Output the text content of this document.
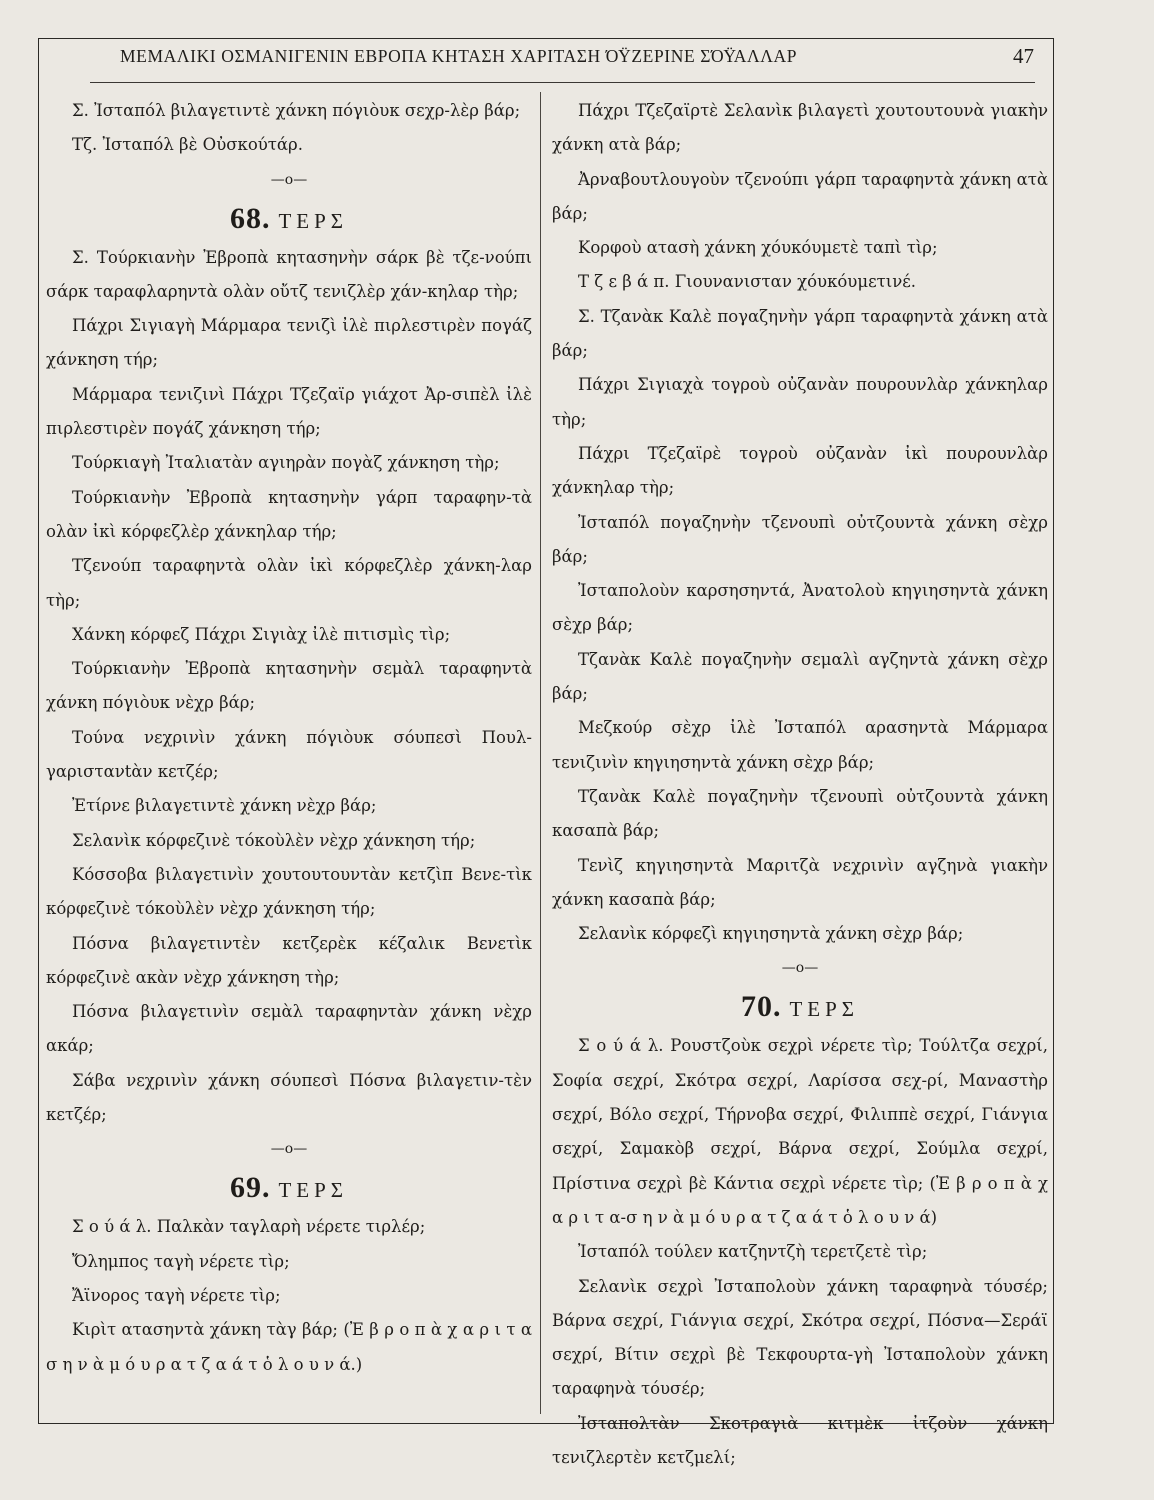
ΜΕΜΑΛΙΚΙ ΟΣΜΑΝΙΓΕΝΙΝ ΕΒΡΟΠΑ ΚΗΤΑΣΗ ΧΑΡΙΤΑΣΗ ΌΫΖΕΡΙΝΕ ΣΌΫΑΛΛΑΡ	47

Σ. Ἰσταπόλ βιλαγετιντὲ χάνκη πόγιὸυκ σεχρ-λὲρ βάρ;

Τζ. Ἰσταπόλ βὲ Οὐσκούτάρ.

—ο—

68. ΤΕΡΣ

Σ. Τούρκιανὴν Ἐβροπὰ κητασηνὴν σάρκ βὲ τζε-νούπι σάρκ ταραφλαρηντὰ ολὰν οὔτζ τενιζλὲρ χάν-κηλαρ τὴρ;

Πάχρι Σιγιαγὴ Μάρμαρα τενιζὶ ἰλὲ πιρλεστιρὲν πογάζ χάνκηση τήρ;

Μάρμαρα τενιζινὶ Πάχρι Τζεζαϊρ γιάχοτ Ἀρ-σιπὲλ ἰλὲ πιρλεστιρὲν πογάζ χάνκηση τήρ;

Τούρκιαγὴ Ἰταλιατὰν αγιηρὰν πογὰζ χάνκηση τὴρ;

Τούρκιανὴν Ἐβροπὰ κητασηνὴν γάρπ ταραφην-τὰ ολὰν ἰκὶ κόρφεζλὲρ χάνκηλαρ τήρ;

Τζενούπ ταραφηντὰ ολὰν ἰκὶ κόρφεζλὲρ χάνκη-λαρ τὴρ;

Χάνκη κόρφεζ Πάχρι Σιγιὰχ ἰλὲ πιτισμὶς τὶρ;

Τούρκιανὴν Ἐβροπὰ κητασηνὴν σεμὰλ ταραφηντὰ χάνκη πόγιὸυκ νὲχρ βάρ;

Τούνα νεχρινὶν χάνκη πόγιὸυκ σόυπεσὶ Πουλ-γαριστανtὰν κετζέρ;

Ἐτίρνε βιλαγετιντὲ χάνκη νὲχρ βάρ;

Σελανὶκ κόρφεζινὲ τόκοὺλὲν νὲχρ χάνκηση τήρ;

Κόσσοβα βιλαγετινὶν χουτουτουντὰν κετζὶπ Βενε-τὶκ κόρφεζινὲ τόκοὺλὲν νὲχρ χάνκηση τήρ;

Πόσνα βιλαγετιντὲν κετζερὲκ κέζαλικ Βενετὶκ κόρφεζινὲ ακὰν νὲχρ χάνκηση τὴρ;

Πόσνα βιλαγετινὶν σεμὰλ ταραφηντὰν χάνκη νὲχρ ακάρ;

Σάβα νεχρινὶν χάνκη σόυπεσὶ Πόσνα βιλαγετιν-τὲν κετζέρ;

—ο—

69. ΤΕΡΣ

Σ ο ύ ά λ. Παλκὰν ταγλαρὴ νέρετε τιρλέρ;

Ὄλημπος ταγὴ νέρετε τὶρ;

Ἄϊνορος ταγὴ νέρετε τὶρ;

Κιρὶτ ατασηντὰ χάνκη τὰγ βάρ; (Ἐ β ρ ο π ὰ χ α ρ ι τ α σ η ν ὰ μ ό υ ρ α τ ζ α ά τ ὁ λ ο υ ν ά.)

Πάχρι Τζεζαϊρτὲ Σελανὶκ βιλαγετὶ χουτουτουνὰ γιακὴν χάνκη ατὰ βάρ;

Ἀρναβουτλουγοὺν τζενούπι γάρπ ταραφηντὰ χάνκη ατὰ βάρ;

Κορφοὺ ατασὴ χάνκη χόυκόυμετὲ ταπὶ τὶρ;

Τ ζ ε β ά π. Γιουνανισταν χόυκόυμετινέ.

Σ. Τζανὰκ Καλὲ πογαζηνὴν γάρπ ταραφηντὰ χάνκη ατὰ βάρ;

Πάχρι Σιγιαχὰ τογροὺ οὐζανὰν πουρουνλὰρ χάνκηλαρ τὴρ;

Πάχρι Τζεζαϊρὲ τογροὺ οὐζανὰν ἰκὶ πουρουνλὰρ χάνκηλαρ τὴρ;

Ἰσταπόλ πογαζηνὴν τζενουπὶ οὐτζουντὰ χάνκη σὲχρ βάρ;

Ἰσταπολοὺν καρσησηντά, Ἀνατολοὺ κηγιησηντὰ χάνκη σὲχρ βάρ;

Τζανὰκ Καλὲ πογαζηνὴν σεμαλὶ αγζηντὰ χάνκη σὲχρ βάρ;

Μεζκούρ σὲχρ ἰλὲ Ἰσταπόλ αρασηντὰ Μάρμαρα τενιζινὶν κηγιησηντὰ χάνκη σὲχρ βάρ;

Τζανὰκ Καλὲ πογαζηνὴν τζενουπὶ οὐτζουντὰ χάνκη κασαπὰ βάρ;

Τενὶζ κηγιησηντὰ Μαριτζὰ νεχρινὶν αγζηνὰ γιακὴν χάνκη κασαπὰ βάρ;

Σελανὶκ κόρφεζὶ κηγιησηντὰ χάνκη σὲχρ βάρ;

—ο—

70. ΤΕΡΣ

Σ ο ύ ά λ. Ρουστζοὺκ σεχρὶ νέρετε τὶρ; Τούλτζα σεχρί, Σοφία σεχρί, Σκότρα σεχρί, Λαρίσσα σεχ-ρί, Μαναστὴρ σεχρί, Βόλο σεχρί, Τήρνοβα σεχρί, Φιλιππὲ σεχρί, Γιάνγια σεχρί, Σαμακὸβ σεχρί, Βάρνα σεχρί, Σούμλα σεχρί, Πρίστινα σεχρὶ βὲ Κάντια σεχρὶ νέρετε τὶρ; (Ἐ β ρ ο π ὰ χ α ρ ι τ α-σ η ν ὰ μ ό υ ρ α τ ζ α ά τ ὁ λ ο υ ν ά)

Ἰσταπόλ τούλεν κατζηντζὴ τερετζετὲ τὶρ;

Σελανὶκ σεχρὶ Ἰσταπολοὺν χάνκη ταραφηνὰ τόυσέρ; Βάρνα σεχρί, Γιάνγια σεχρί, Σκότρα σεχρί, Πόσνα—Σεράϊ σεχρί, Βίτιν σεχρὶ βὲ Τεκφουρτα-γὴ Ἰσταπολοὺν χάνκη ταραφηνὰ τόυσέρ;

Ἰσταπολτὰν Σκοτραγιὰ κιτμὲκ ἰτζοὺν χάνκη τενιζλερτὲν κετζμελί;
